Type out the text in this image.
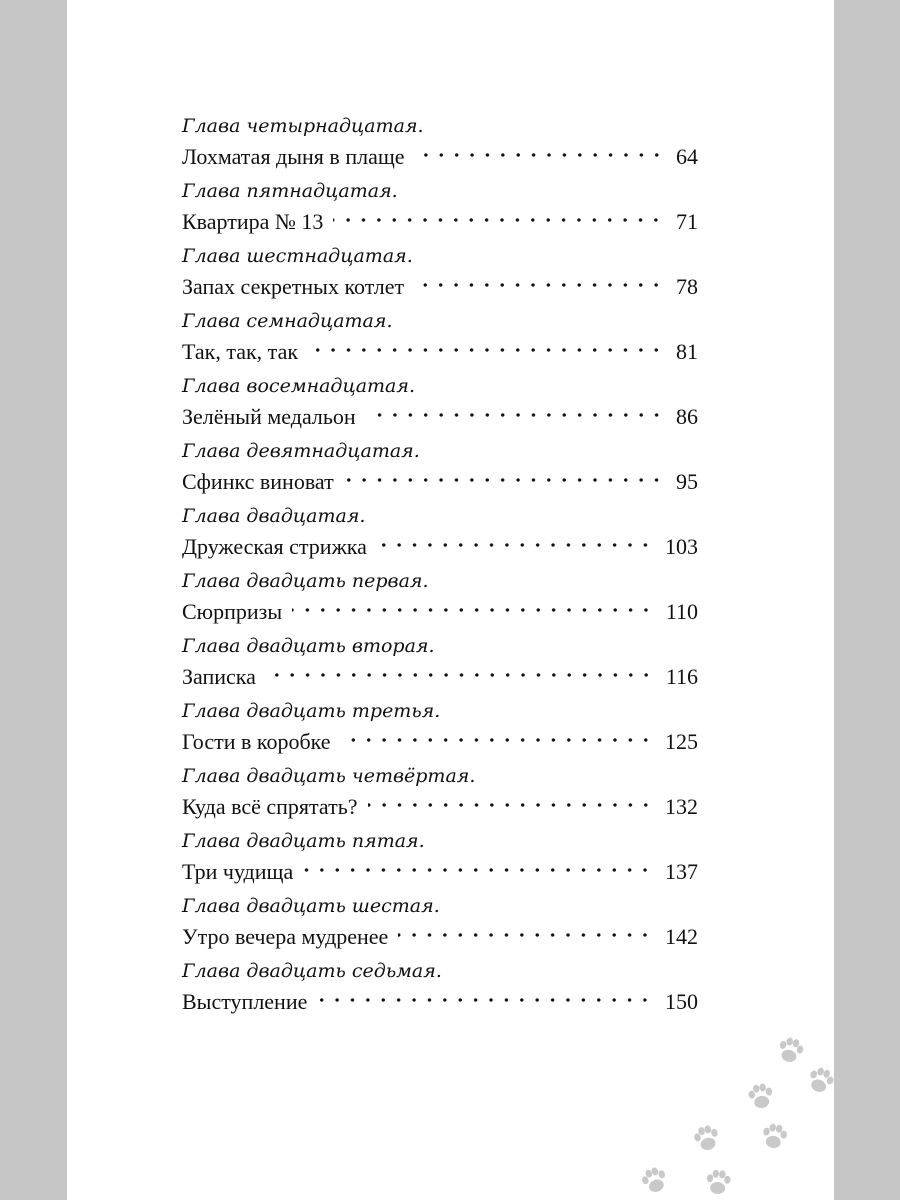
Глава четырнадцатая.
Лохматая дыня в плаще	64
Глава пятнадцатая.
Квартира № 13	71
Глава шестнадцатая.
Запах секретных котлет	78
Глава семнадцатая.
Так, так, так	81
Глава восемнадцатая.
Зелёный медальон	86
Глава девятнадцатая.
Сфинкс виноват	95
Глава двадцатая.
Дружеская стрижка	103
Глава двадцать первая.
Сюрпризы	110
Глава двадцать вторая.
Записка	116
Глава двадцать третья.
Гости в коробке	125
Глава двадцать четвёртая.
Куда всё спрятать?	132
Глава двадцать пятая.
Три чудища	137
Глава двадцать шестая.
Утро вечера мудренее	142
Глава двадцать седьмая.
Выступление	150
